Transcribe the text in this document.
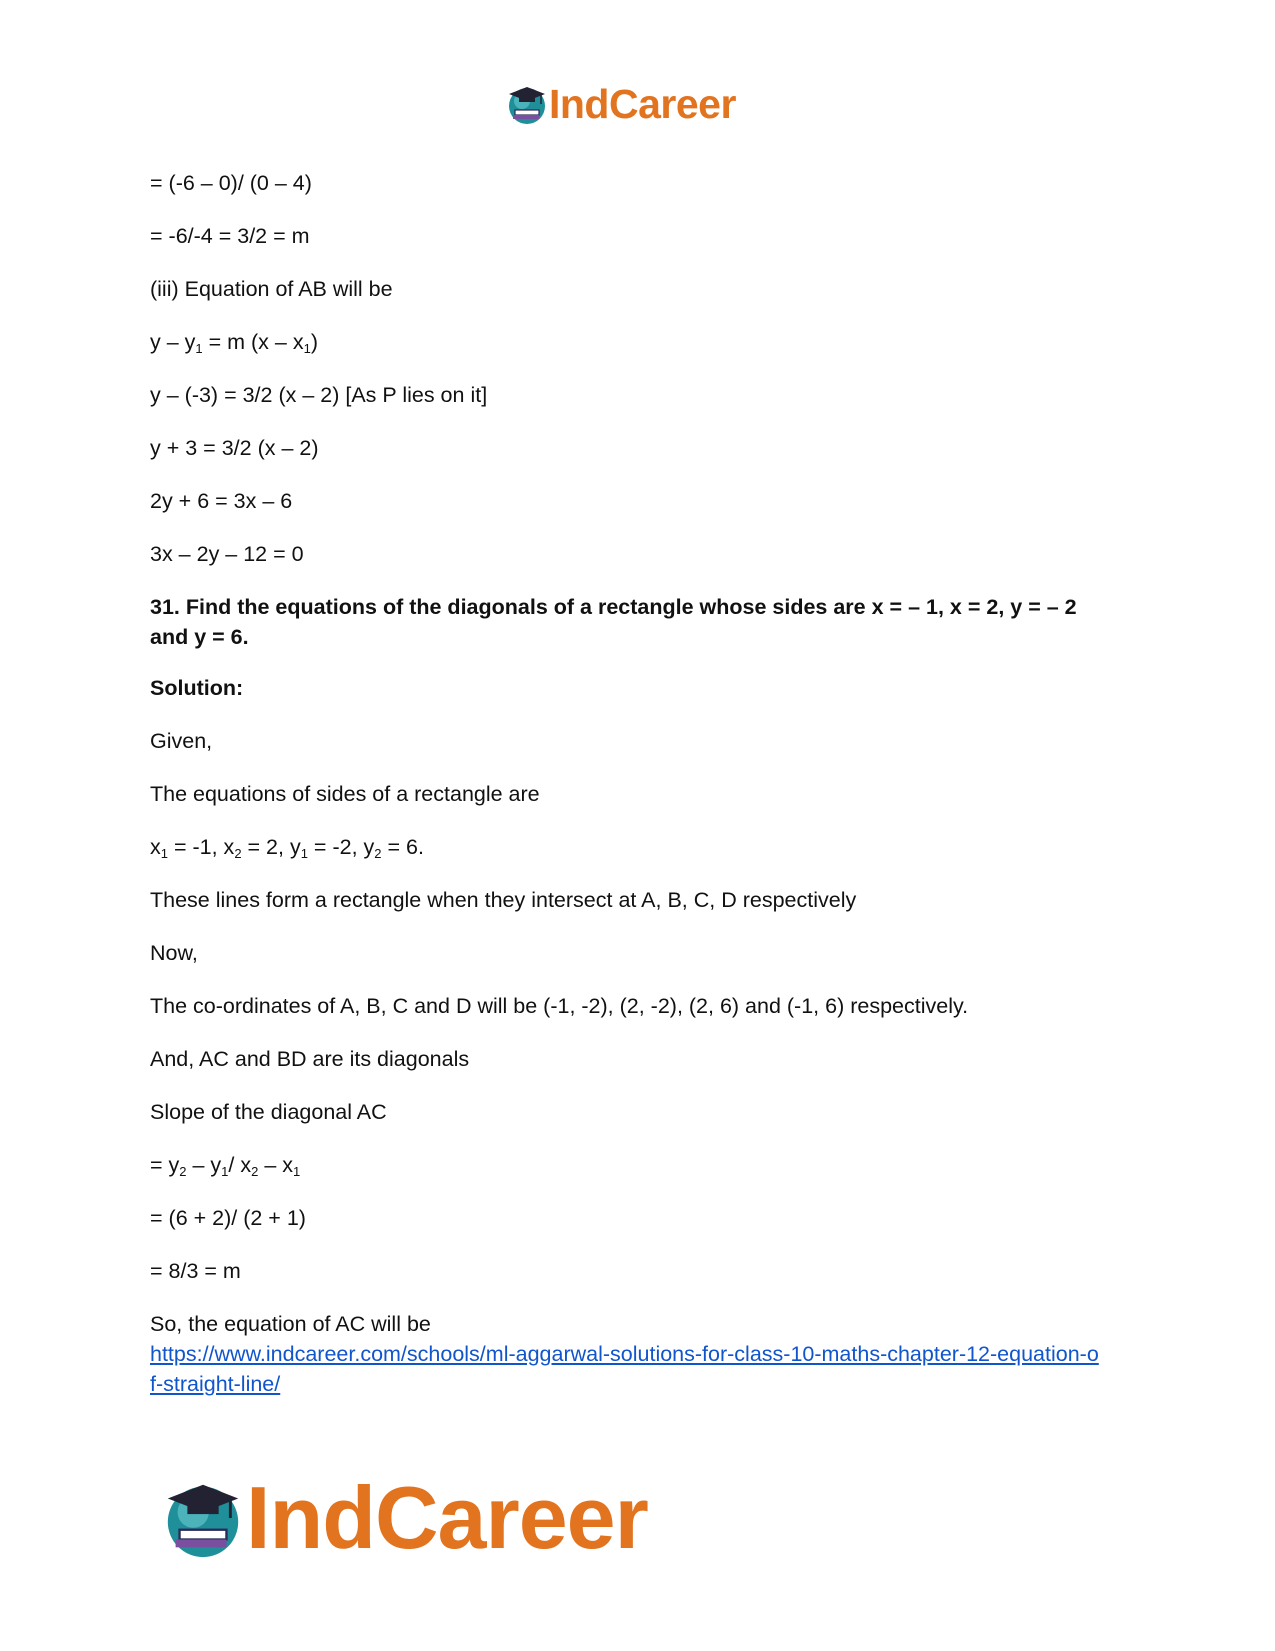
IndCareer
= (-6 – 0)/ (0 – 4)
= -6/-4 = 3/2 = m
(iii) Equation of AB will be
$y - y_1 = m$ $(x - x_1)$
y – (-3) = 3/2 (x – 2) [As P lies on it]
y + 3 = 3/2 (x – 2)
2y + 6 = 3x – 6
3x – 2y – 12 = 0
31. Find the equations of the diagonals of a rectangle whose sides are x = – 1, x = 2, y = – 2 and y = 6.
Solution:
Given,
The equations of sides of a rectangle are
$x_1 = -1$, $x_2 = 2$, $y_1 = -2$, $y_2 = 6$.
These lines form a rectangle when they intersect at A, B, C, D respectively
Now,
The co-ordinates of A, B, C and D will be (-1, -2), (2, -2), (2, 6) and (-1, 6) respectively.
And, AC and BD are its diagonals
Slope of the diagonal AC
= $y_2 - y_1/$ $x_2 - x_1$
= (6 + 2)/ (2 + 1)
= 8/3 = m
So, the equation of AC will be
https://www.indcareer.com/schools/ml-aggarwal-solutions-for-class-10-maths-chapter-12-equation-of-straight-line/
IndCareer
